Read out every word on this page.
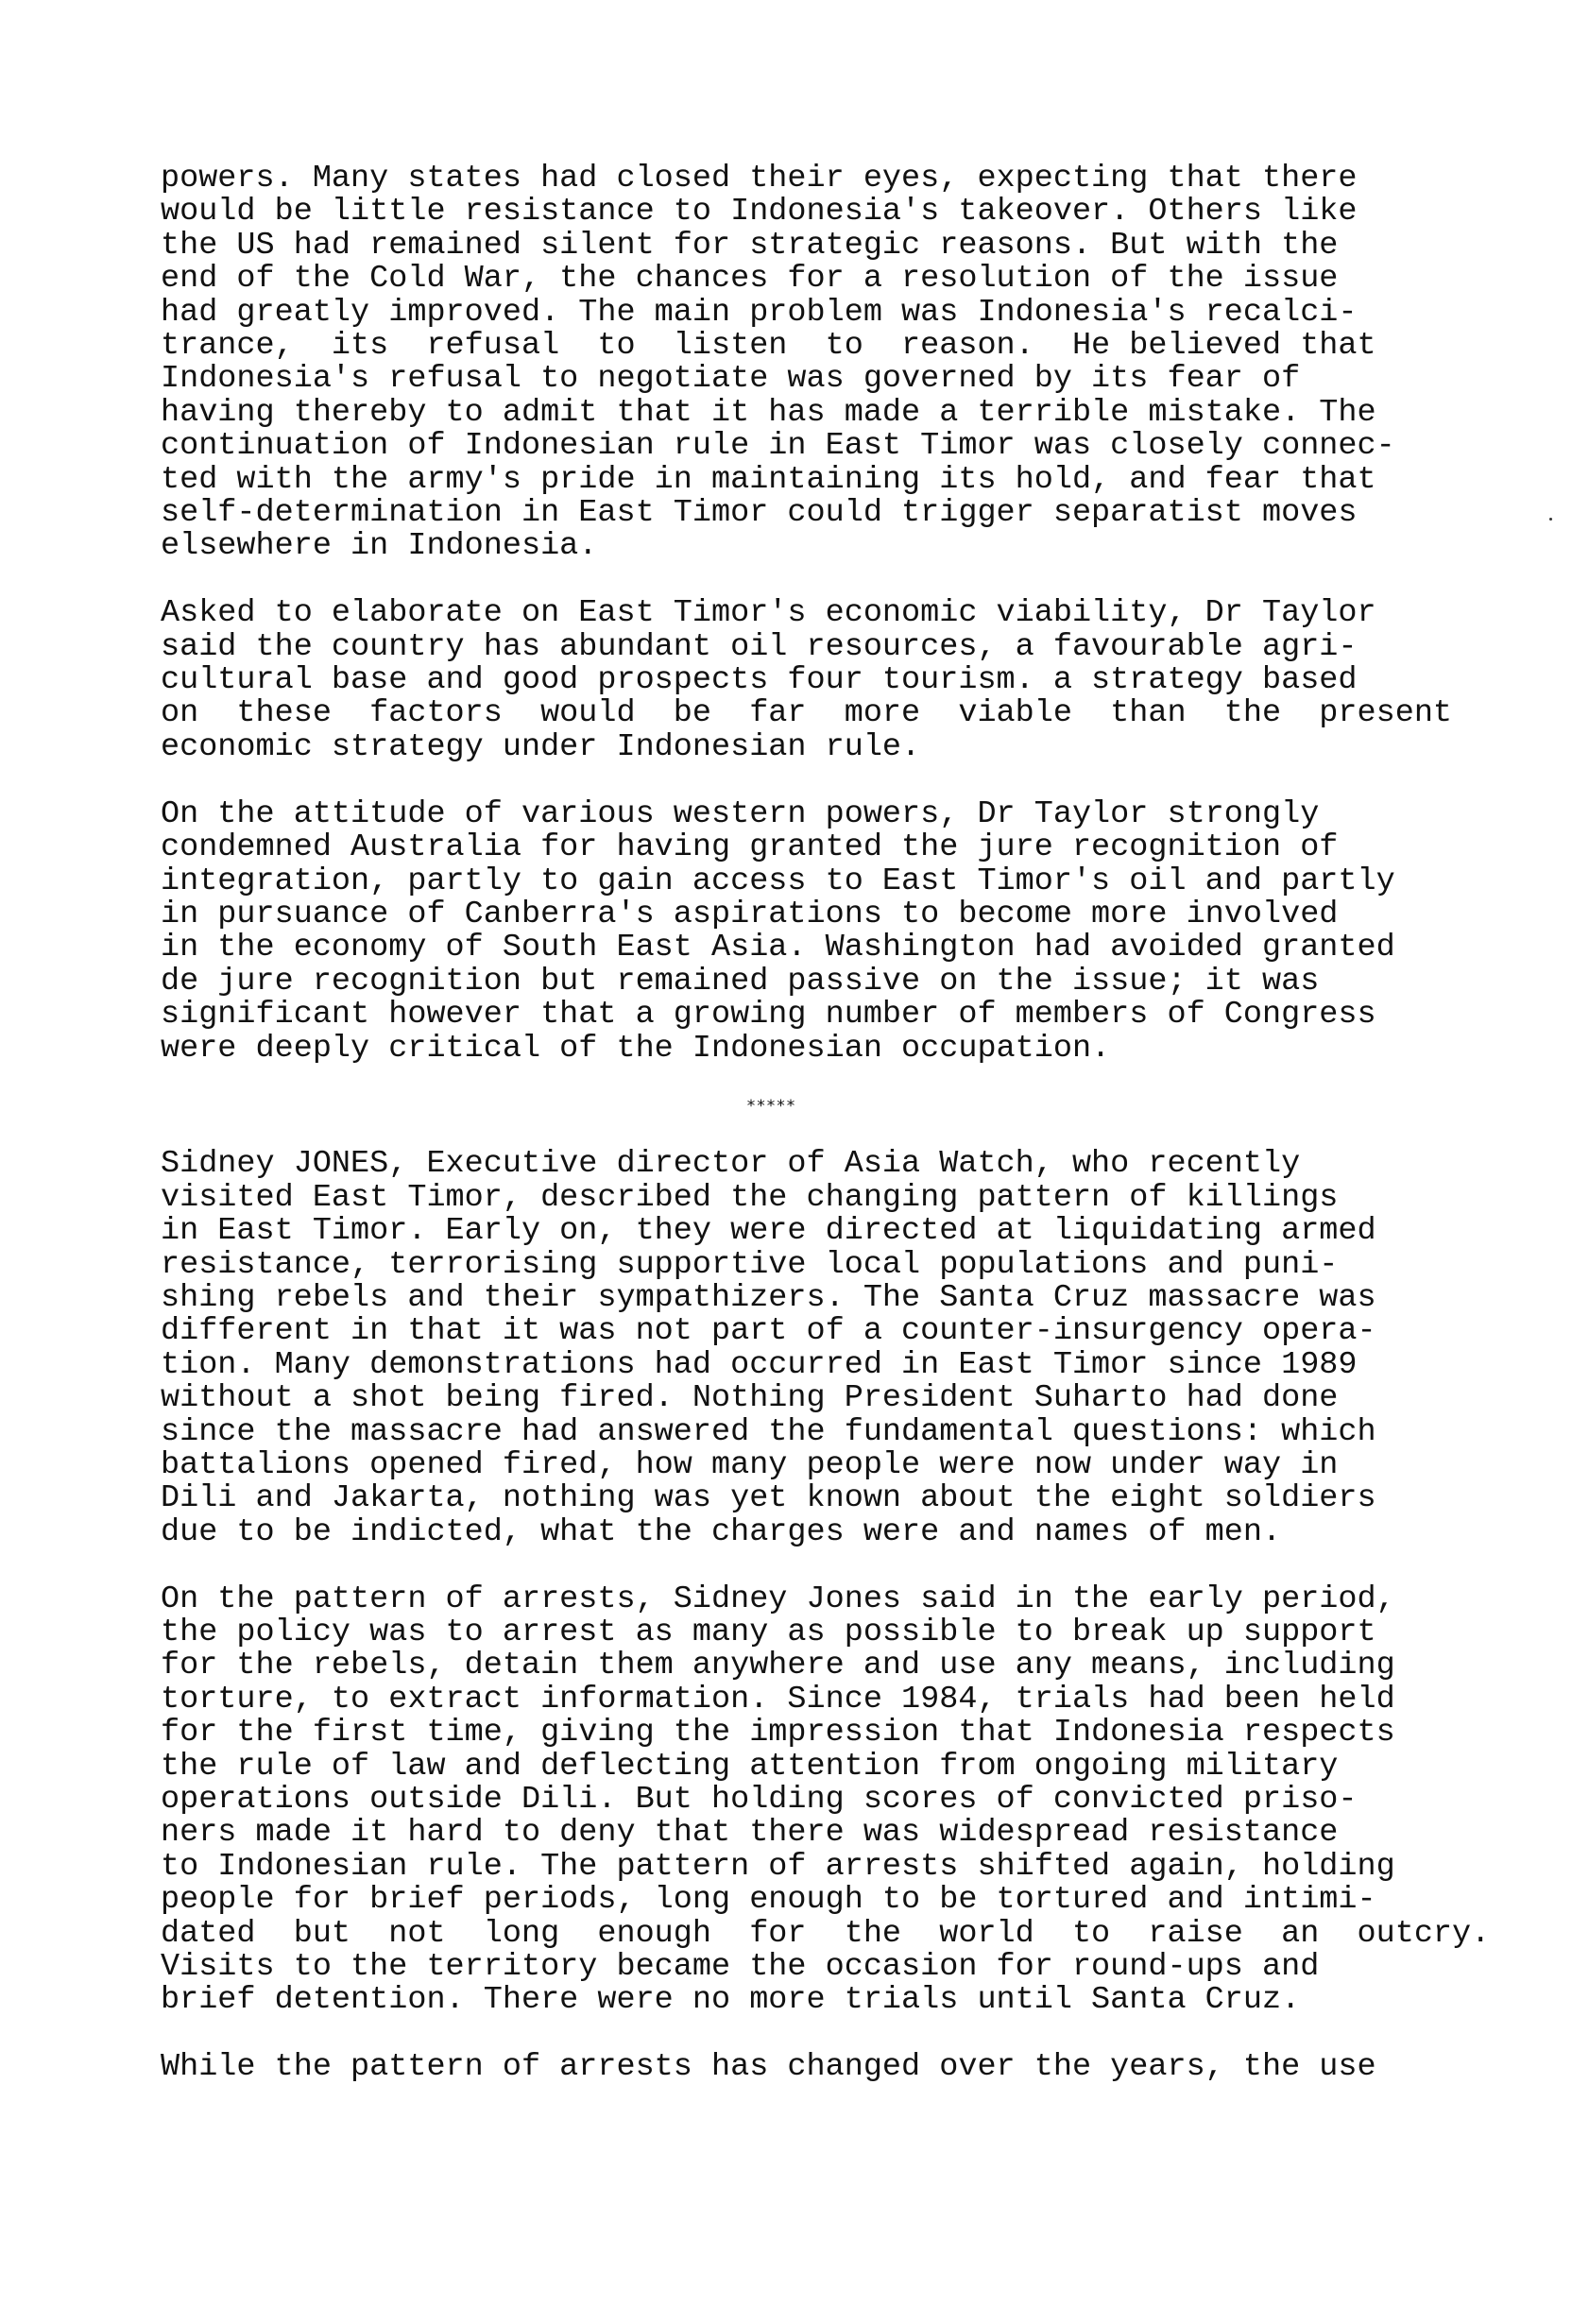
powers. Many states had closed their eyes, expecting that there
would be little resistance to Indonesia's takeover. Others like
the US had remained silent for strategic reasons. But with the
end of the Cold War, the chances for a resolution of the issue
had greatly improved. The main problem was Indonesia's recalci-
trance,  its  refusal  to  listen  to  reason.  He believed that
Indonesia's refusal to negotiate was governed by its fear of
having thereby to admit that it has made a terrible mistake. The
continuation of Indonesian rule in East Timor was closely connec-
ted with the army's pride in maintaining its hold, and fear that
self-determination in East Timor could trigger separatist moves
elsewhere in Indonesia.

Asked to elaborate on East Timor's economic viability, Dr Taylor
said the country has abundant oil resources, a favourable agri-
cultural base and good prospects four tourism. a strategy based
on  these  factors  would  be  far  more  viable  than  the  present
economic strategy under Indonesian rule.

On the attitude of various western powers, Dr Taylor strongly
condemned Australia for having granted the jure recognition of
integration, partly to gain access to East Timor's oil and partly
in pursuance of Canberra's aspirations to become more involved
in the economy of South East Asia. Washington had avoided granted
de jure recognition but remained passive on the issue; it was
significant however that a growing number of members of Congress
were deeply critical of the Indonesian occupation.

*****

Sidney JONES, Executive director of Asia Watch, who recently
visited East Timor, described the changing pattern of killings
in East Timor. Early on, they were directed at liquidating armed
resistance, terrorising supportive local populations and puni-
shing rebels and their sympathizers. The Santa Cruz massacre was
different in that it was not part of a counter-insurgency opera-
tion. Many demonstrations had occurred in East Timor since 1989
without a shot being fired. Nothing President Suharto had done
since the massacre had answered the fundamental questions: which
battalions opened fired, how many people were now under way in
Dili and Jakarta, nothing was yet known about the eight soldiers
due to be indicted, what the charges were and names of men.

On the pattern of arrests, Sidney Jones said in the early period,
the policy was to arrest as many as possible to break up support
for the rebels, detain them anywhere and use any means, including
torture, to extract information. Since 1984, trials had been held
for the first time, giving the impression that Indonesia respects
the rule of law and deflecting attention from ongoing military
operations outside Dili. But holding scores of convicted priso-
ners made it hard to deny that there was widespread resistance
to Indonesian rule. The pattern of arrests shifted again, holding
people for brief periods, long enough to be tortured and intimi-
dated  but  not  long  enough  for  the  world  to  raise  an  outcry.
Visits to the territory became the occasion for round-ups and
brief detention. There were no more trials until Santa Cruz.

While the pattern of arrests has changed over the years, the use
